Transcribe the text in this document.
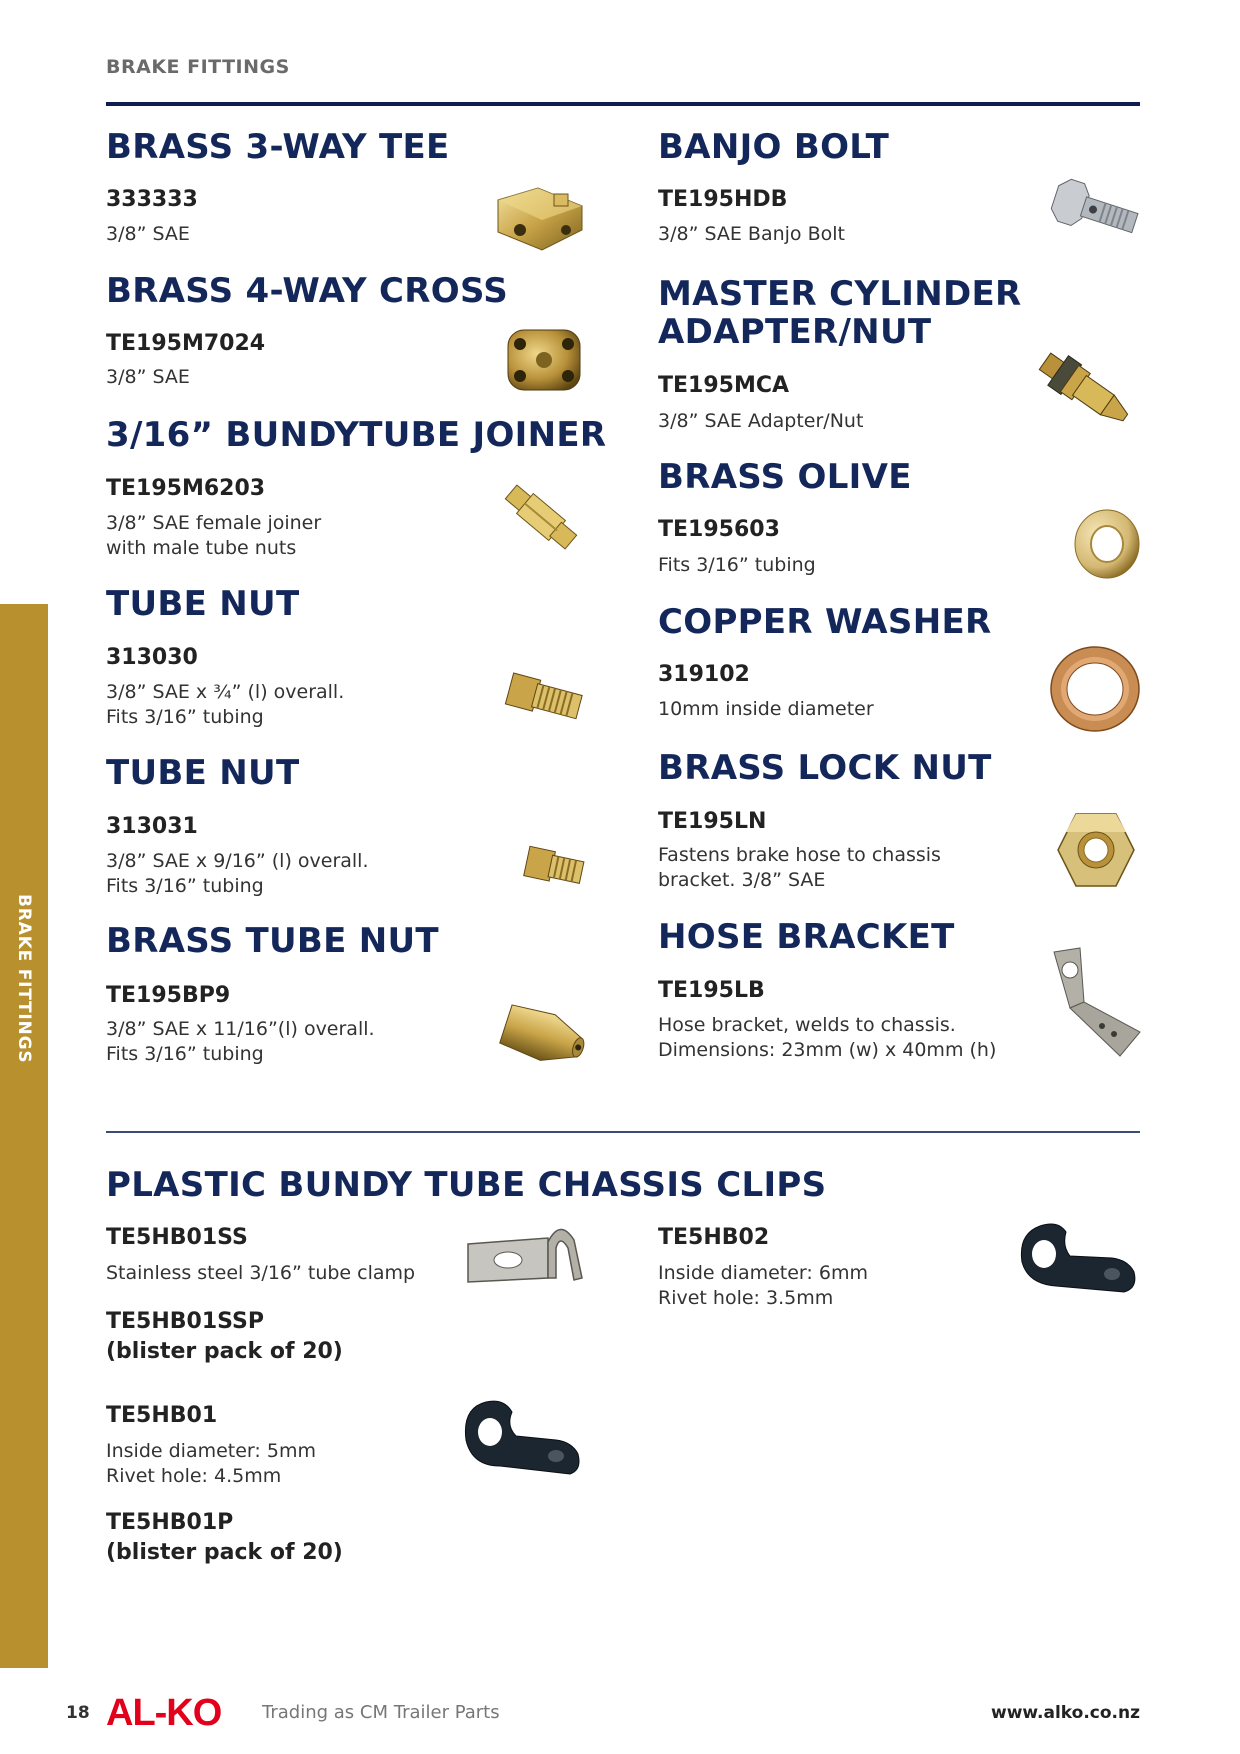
BRAKE FITTINGS
BRAKE FITTINGS
BRASS 3-WAY TEE
333333
3/8” SAE
BRASS 4-WAY CROSS
TE195M7024
3/8” SAE
3/16” BUNDYTUBE JOINER
TE195M6203
3/8” SAE female joiner
with male tube nuts
TUBE NUT
313030
3/8” SAE x ¾” (l) overall.
Fits 3/16” tubing
TUBE NUT
313031
3/8” SAE x 9/16” (l) overall.
Fits 3/16” tubing
BRASS TUBE NUT
TE195BP9
3/8” SAE x 11/16”(l) overall.
Fits 3/16” tubing
BANJO BOLT
TE195HDB
3/8” SAE Banjo Bolt
MASTER CYLINDER
ADAPTER/NUT
TE195MCA
3/8” SAE Adapter/Nut
BRASS OLIVE
TE195603
Fits 3/16” tubing
COPPER WASHER
319102
10mm inside diameter
BRASS LOCK NUT
TE195LN
Fastens brake hose to chassis
bracket. 3/8” SAE
HOSE BRACKET
TE195LB
Hose bracket, welds to chassis.
Dimensions: 23mm (w) x 40mm (h)
PLASTIC BUNDY TUBE CHASSIS CLIPS
TE5HB01SS
Stainless steel 3/16” tube clamp
TE5HB01SSP
(blister pack of 20)
TE5HB01
Inside diameter: 5mm
Rivet hole: 4.5mm
TE5HB01P
(blister pack of 20)
TE5HB02
Inside diameter: 6mm
Rivet hole: 3.5mm
18 AL-KO Trading as CM Trailer Parts	www.alko.co.nz
